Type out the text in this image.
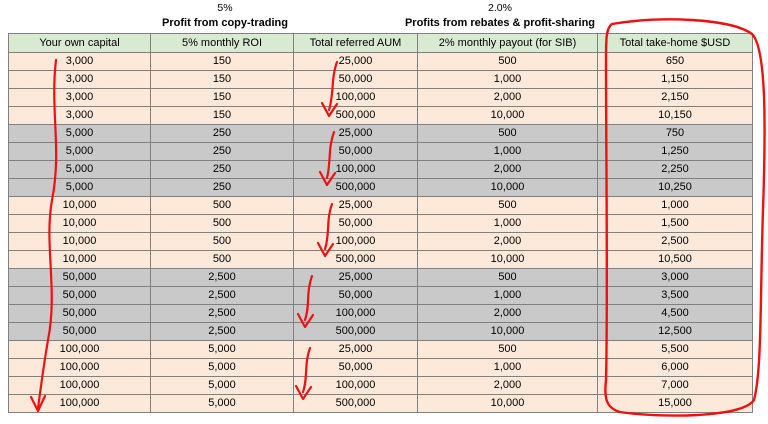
5%	2.0%
Profit from copy-trading	Profits from rebates & profit-sharing
Your own capital	5% monthly ROI	Total referred AUM	2% monthly payout (for SIB)	Total take-home $USD
3,000	150	25,000	500	650
3,000	150	50,000	1,000	1,150
3,000	150	100,000	2,000	2,150
3,000	150	500,000	10,000	10,150
5,000	250	25,000	500	750
5,000	250	50,000	1,000	1,250
5,000	250	100,000	2,000	2,250
5,000	250	500,000	10,000	10,250
10,000	500	25,000	500	1,000
10,000	500	50,000	1,000	1,500
10,000	500	100,000	2,000	2,500
10,000	500	500,000	10,000	10,500
50,000	2,500	25,000	500	3,000
50,000	2,500	50,000	1,000	3,500
50,000	2,500	100,000	2,000	4,500
50,000	2,500	500,000	10,000	12,500
100,000	5,000	25,000	500	5,500
100,000	5,000	50,000	1,000	6,000
100,000	5,000	100,000	2,000	7,000
100,000	5,000	500,000	10,000	15,000
